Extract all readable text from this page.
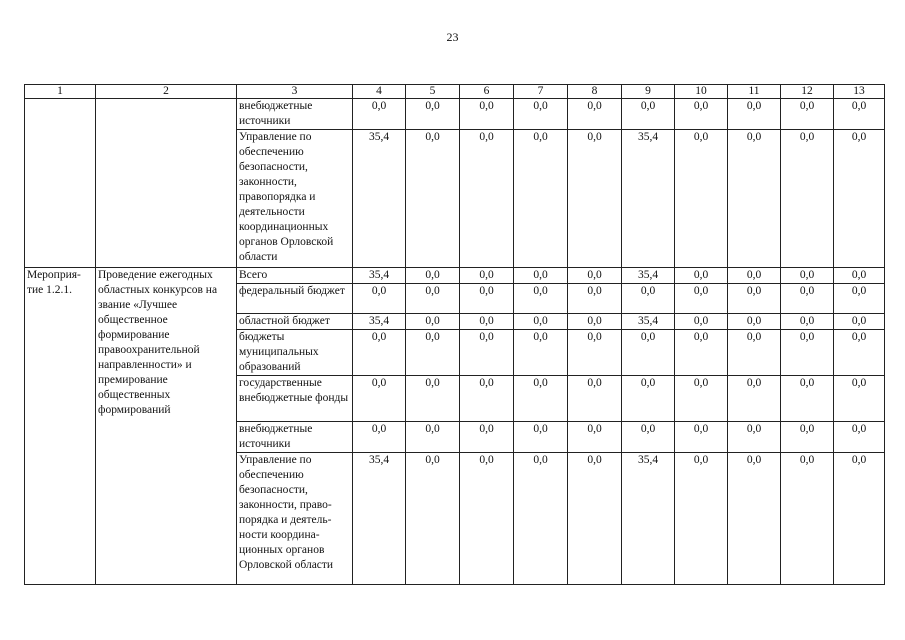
23
1	2	3	4	5	6	7	8	9	10	11	12	13
		внебюджетные источники	0,0	0,0	0,0	0,0	0,0	0,0	0,0	0,0	0,0	0,0
		Управление по обеспечению безопасности, законности, правопорядка и деятельности координационных органов Орловской области	35,4	0,0	0,0	0,0	0,0	35,4	0,0	0,0	0,0	0,0
Мероприя-тие 1.2.1.	Проведение ежегодных областных конкурсов на звание «Лучшее общественное формирование правоохранительной направленности» и премирование общественных формирований	Всего	35,4	0,0	0,0	0,0	0,0	35,4	0,0	0,0	0,0	0,0
		федеральный бюджет	0,0	0,0	0,0	0,0	0,0	0,0	0,0	0,0	0,0	0,0
		областной бюджет	35,4	0,0	0,0	0,0	0,0	35,4	0,0	0,0	0,0	0,0
		бюджеты муниципальных образований	0,0	0,0	0,0	0,0	0,0	0,0	0,0	0,0	0,0	0,0
		государственные внебюджетные фонды	0,0	0,0	0,0	0,0	0,0	0,0	0,0	0,0	0,0	0,0
		внебюджетные источники	0,0	0,0	0,0	0,0	0,0	0,0	0,0	0,0	0,0	0,0
		Управление по обеспечению безопасности, законности, право-порядка и деятель-ности координа-ционных органов Орловской области	35,4	0,0	0,0	0,0	0,0	35,4	0,0	0,0	0,0	0,0
